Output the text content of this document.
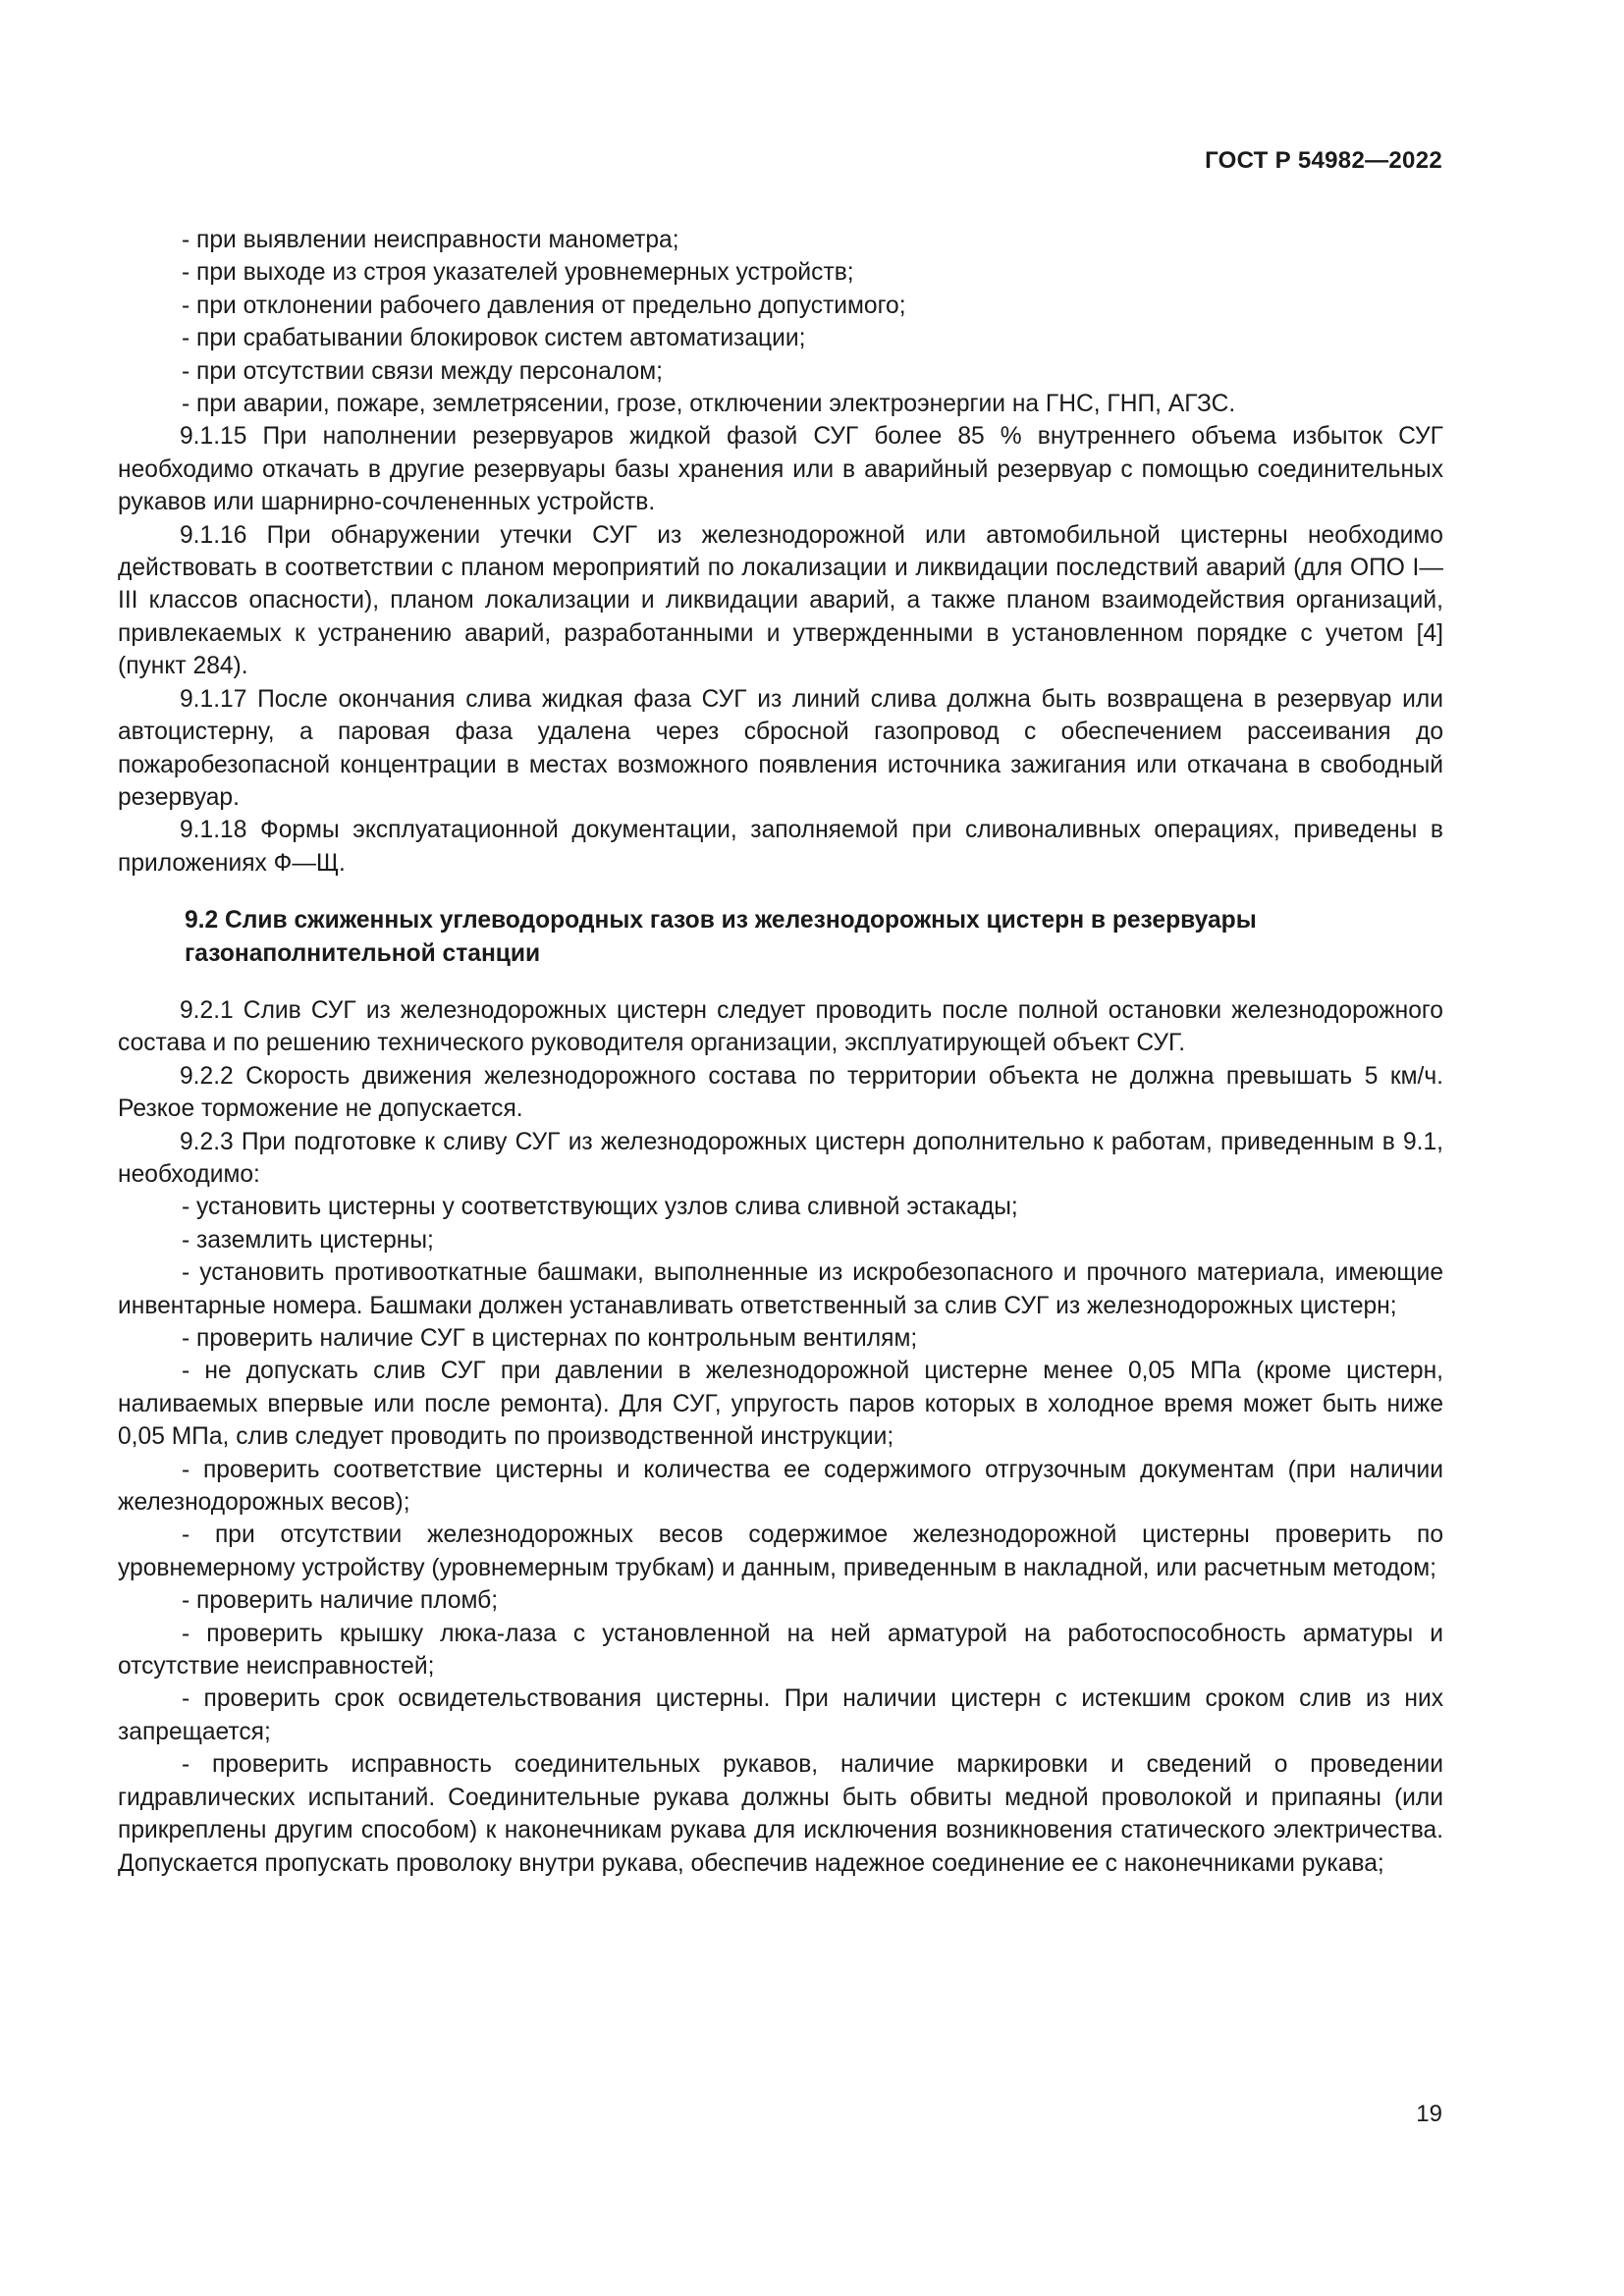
ГОСТ Р 54982—2022

- при выявлении неисправности манометра;

- при выходе из строя указателей уровнемерных устройств;

- при отклонении рабочего давления от предельно допустимого;

- при срабатывании блокировок систем автоматизации;

- при отсутствии связи между персоналом;

- при аварии, пожаре, землетрясении, грозе, отключении электроэнергии на ГНС, ГНП, АГЗС.

9.1.15 При наполнении резервуаров жидкой фазой СУГ более 85 % внутреннего объема избыток СУГ необходимо откачать в другие резервуары базы хранения или в аварийный резервуар с помощью соединительных рукавов или шарнирно-сочлененных устройств.

9.1.16 При обнаружении утечки СУГ из железнодорожной или автомобильной цистерны необходимо действовать в соответствии с планом мероприятий по локализации и ликвидации последствий аварий (для ОПО I—III классов опасности), планом локализации и ликвидации аварий, а также планом взаимодействия организаций, привлекаемых к устранению аварий, разработанными и утвержденными в установленном порядке с учетом [4] (пункт 284).

9.1.17 После окончания слива жидкая фаза СУГ из линий слива должна быть возвращена в резервуар или автоцистерну, а паровая фаза удалена через сбросной газопровод с обеспечением рассеивания до пожаробезопасной концентрации в местах возможного появления источника зажигания или откачана в свободный резервуар.

9.1.18 Формы эксплуатационной документации, заполняемой при сливоналивных операциях, приведены в приложениях Ф—Щ.

9.2 Слив сжиженных углеводородных газов из железнодорожных цистерн в резервуары газонаполнительной станции

9.2.1 Слив СУГ из железнодорожных цистерн следует проводить после полной остановки железнодорожного состава и по решению технического руководителя организации, эксплуатирующей объект СУГ.

9.2.2 Скорость движения железнодорожного состава по территории объекта не должна превышать 5 км/ч. Резкое торможение не допускается.

9.2.3 При подготовке к сливу СУГ из железнодорожных цистерн дополнительно к работам, приведенным в 9.1, необходимо:

- установить цистерны у соответствующих узлов слива сливной эстакады;

- заземлить цистерны;

- установить противооткатные башмаки, выполненные из искробезопасного и прочного материала, имеющие инвентарные номера. Башмаки должен устанавливать ответственный за слив СУГ из железнодорожных цистерн;

- проверить наличие СУГ в цистернах по контрольным вентилям;

- не допускать слив СУГ при давлении в железнодорожной цистерне менее 0,05 МПа (кроме цистерн, наливаемых впервые или после ремонта). Для СУГ, упругость паров которых в холодное время может быть ниже 0,05 МПа, слив следует проводить по производственной инструкции;

- проверить соответствие цистерны и количества ее содержимого отгрузочным документам (при наличии железнодорожных весов);

- при отсутствии железнодорожных весов содержимое железнодорожной цистерны проверить по уровнемерному устройству (уровнемерным трубкам) и данным, приведенным в накладной, или расчетным методом;

- проверить наличие пломб;

- проверить крышку люка-лаза с установленной на ней арматурой на работоспособность арматуры и отсутствие неисправностей;

- проверить срок освидетельствования цистерны. При наличии цистерн с истекшим сроком слив из них запрещается;

- проверить исправность соединительных рукавов, наличие маркировки и сведений о проведении гидравлических испытаний. Соединительные рукава должны быть обвиты медной проволокой и припаяны (или прикреплены другим способом) к наконечникам рукава для исключения возникновения статического электричества. Допускается пропускать проволоку внутри рукава, обеспечив надежное соединение ее с наконечниками рукава;

19
